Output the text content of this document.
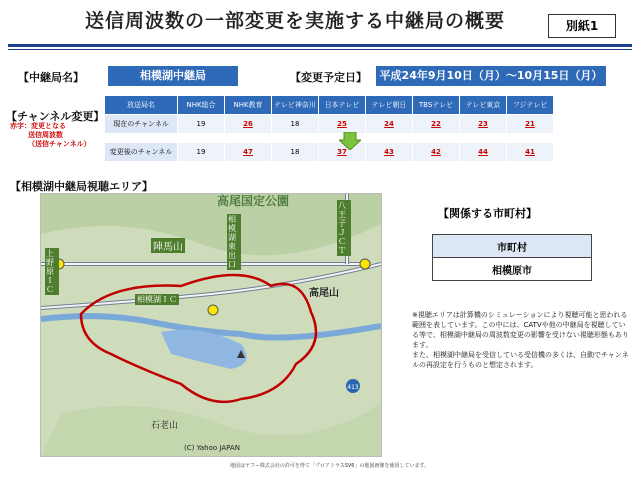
送信周波数の一部変更を実施する中継局の概要	別紙1
【中継局名】	相模湖中継局	【変更予定日】	平成24年9月10日（月）～10月15日（月）
【チャンネル変更】
赤字：変更となる
送信周波数
（送信チャンネル）
放送局名	NHK総合	NHK教育	テレビ神奈川	日本テレビ	テレビ朝日	TBSテレビ	テレビ東京	フジテレビ
現在のチャンネル	19	26	18	25	24	22	23	21

変更後のチャンネル	19	47	18	37	43	42	44	41
【相模湖中継局視聴エリア】
413
高尾国定公園
陣馬山
高尾山
石老山
相模湖ＩＣ
上野原ＩＣ
八王子ＪＣＴ
相模湖東出口
(C) Yahoo JAPAN
【関係する市町村】
市町村
相模原市
※視聴エリアは計算機のシミュレーションにより視聴可能と思われる範囲を表しています。この中には、CATVや他の中継局を視聴している等で、相模湖中継局の周波数変更の影響を受けない視聴形態もあります。
また、相模湖中継局を受信している受信機の多くは、自動でチャンネルの再設定を行うものと想定されます。
地図はヤフー株式会社の許可を得て「プロアトラスSV6」の地図画像を使用しています。
